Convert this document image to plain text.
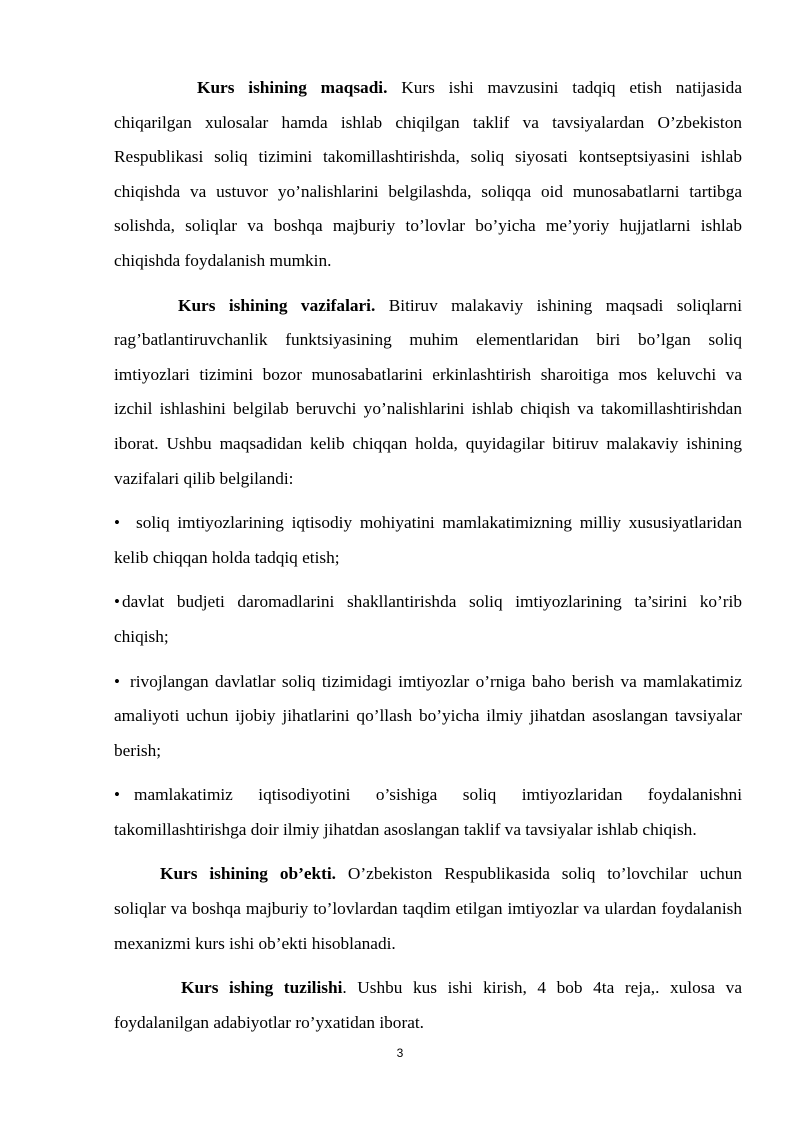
Kurs ishining maqsadi. Kurs ishi mavzusini tadqiq etish natijasida chiqarilgan xulosalar hamda ishlab chiqilgan taklif va tavsiyalardan O’zbekiston Respublikasi soliq tizimini takomillashtirishda, soliq siyosati kontseptsiyasini ishlab chiqishda va ustuvor yo’nalishlarini belgilashda, soliqqa oid munosabatlarni tartibga solishda, soliqlar va boshqa majburiy to’lovlar bo’yicha me’yoriy hujjatlarni ishlab chiqishda foydalanish mumkin.

Kurs ishining vazifalari. Bitiruv malakaviy ishining maqsadi soliqlarni rag’batlantiruvchanlik funktsiyasining muhim elementlaridan biri bo’lgan soliq imtiyozlari tizimini bozor munosabatlarini erkinlashtirish sharoitiga mos keluvchi va izchil ishlashini belgilab beruvchi yo’nalishlarini ishlab chiqish va takomillashtirishdan iborat. Ushbu maqsadidan kelib chiqqan holda, quyidagilar bitiruv malakaviy ishining vazifalari qilib belgilandi:

• soliq imtiyozlarining iqtisodiy mohiyatini mamlakatimizning milliy xususiyatlaridan kelib chiqqan holda tadqiq etish;

• davlat budjeti daromadlarini shakllantirishda soliq imtiyozlarining ta’sirini ko’rib chiqish;

• rivojlangan davlatlar soliq tizimidagi imtiyozlar o’rniga baho berish va mamlakatimiz amaliyoti uchun ijobiy jihatlarini qo’llash bo’yicha ilmiy jihatdan asoslangan tavsiyalar berish;

• mamlakatimiz iqtisodiyotini o’sishiga soliq imtiyozlaridan foydalanishni takomillashtirishga doir ilmiy jihatdan asoslangan taklif va tavsiyalar ishlab chiqish.

Kurs ishining ob’ekti. O’zbekiston Respublikasida soliq to’lovchilar uchun soliqlar va boshqa majburiy to’lovlardan taqdim etilgan imtiyozlar va ulardan foydalanish mexanizmi kurs ishi ob’ekti hisoblanadi.

Kurs ishing tuzilishi. Ushbu kus ishi kirish, 4 bob 4ta reja,. xulosa va foydalanilgan adabiyotlar ro’yxatidan iborat.

3
